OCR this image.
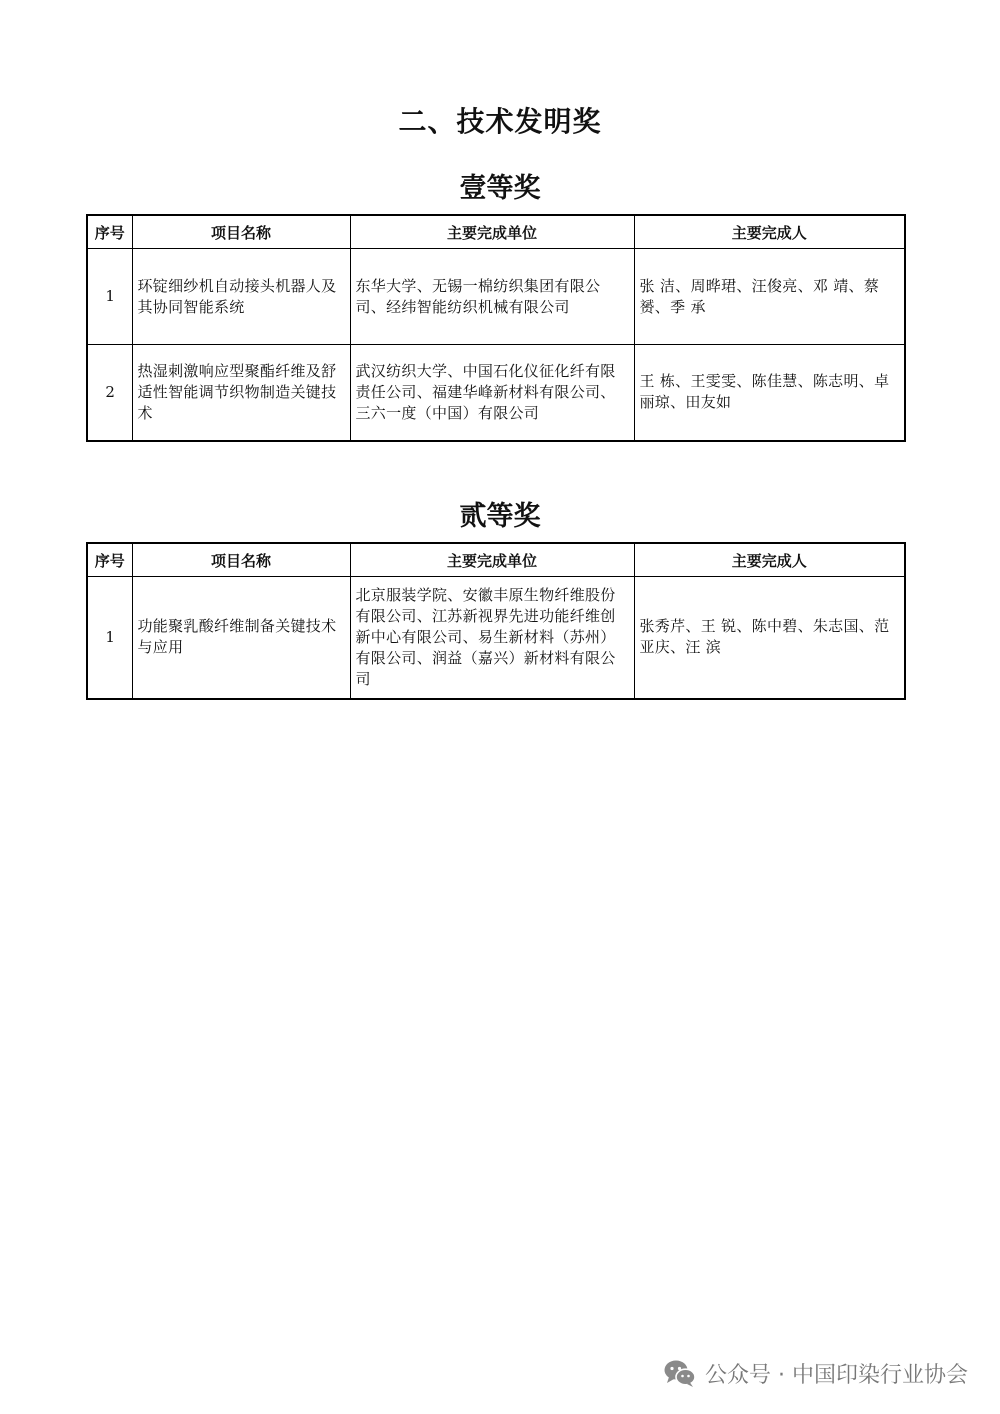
二、技术发明奖
壹等奖
序号	项目名称	主要完成单位	主要完成人
1	环锭细纱机自动接头机器人及其协同智能系统	东华大学、无锡一棉纺织集团有限公司、经纬智能纺织机械有限公司	张 洁、周晔珺、汪俊亮、邓 靖、蔡 赟、季 承
2	热湿刺激响应型聚酯纤维及舒适性智能调节织物制造关键技术	武汉纺织大学、中国石化仪征化纤有限责任公司、福建华峰新材料有限公司、三六一度（中国）有限公司	王 栋、王雯雯、陈佳慧、陈志明、卓丽琼、田友如
贰等奖
序号	项目名称	主要完成单位	主要完成人
1	功能聚乳酸纤维制备关键技术与应用	北京服装学院、安徽丰原生物纤维股份有限公司、江苏新视界先进功能纤维创新中心有限公司、易生新材料（苏州）有限公司、润益（嘉兴）新材料有限公司	张秀芹、王 锐、陈中碧、朱志国、范亚庆、汪 滨
公众号 · 中国印染行业协会
